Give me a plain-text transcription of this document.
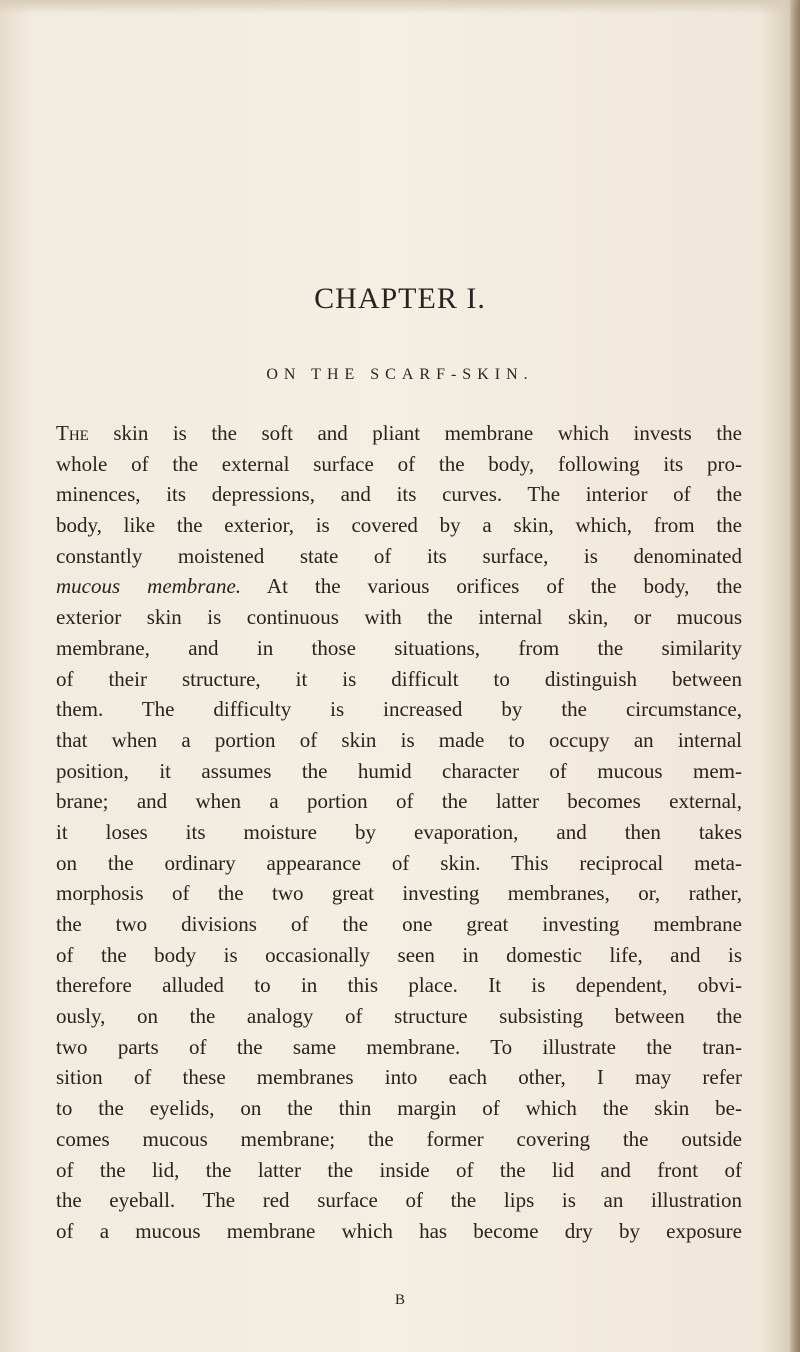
CHAPTER I.
ON THE SCARF-SKIN.
The skin is the soft and pliant membrane which invests the
whole of the external surface of the body, following its pro-
minences, its depressions, and its curves. The interior of the
body, like the exterior, is covered by a skin, which, from the
constantly moistened state of its surface, is denominated
mucous membrane. At the various orifices of the body, the
exterior skin is continuous with the internal skin, or mucous
membrane, and in those situations, from the similarity
of their structure, it is difficult to distinguish between
them. The difficulty is increased by the circumstance,
that when a portion of skin is made to occupy an internal
position, it assumes the humid character of mucous mem-
brane; and when a portion of the latter becomes external,
it loses its moisture by evaporation, and then takes
on the ordinary appearance of skin. This reciprocal meta-
morphosis of the two great investing membranes, or, rather,
the two divisions of the one great investing membrane
of the body is occasionally seen in domestic life, and is
therefore alluded to in this place. It is dependent, obvi-
ously, on the analogy of structure subsisting between the
two parts of the same membrane. To illustrate the tran-
sition of these membranes into each other, I may refer
to the eyelids, on the thin margin of which the skin be-
comes mucous membrane; the former covering the outside
of the lid, the latter the inside of the lid and front of
the eyeball. The red surface of the lips is an illustration
of a mucous membrane which has become dry by exposure
B
